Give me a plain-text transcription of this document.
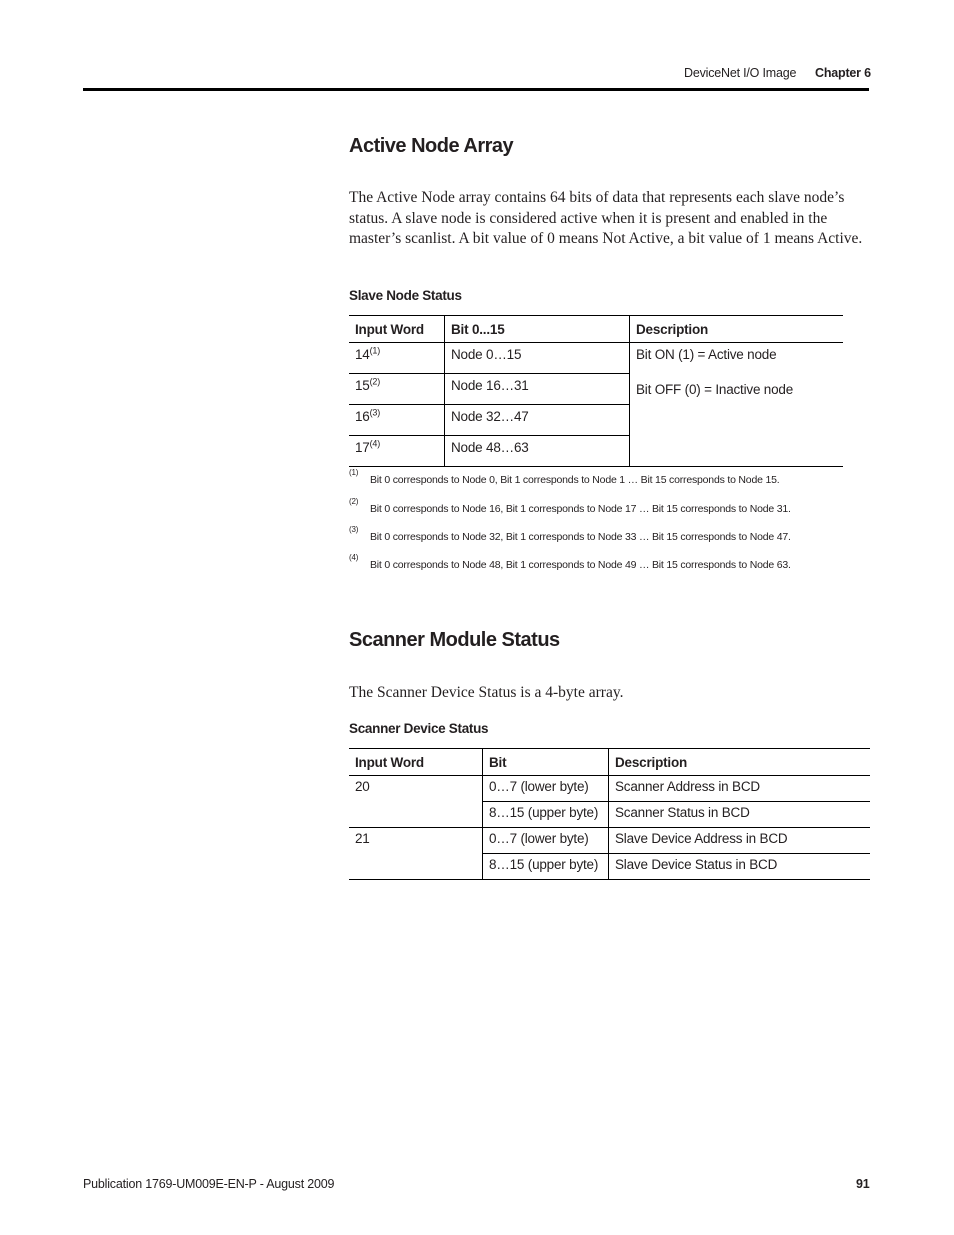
DeviceNet I/O Image Chapter 6
Active Node Array

The Active Node array contains 64 bits of data that represents each slave node’s status. A slave node is considered active when it is present and enabled in the master’s scanlist. A bit value of 0 means Not Active, a bit value of 1 means Active.

Slave Node Status

Input Word	Bit 0...15	Description
14$^{(1)}$	Node 0…15	Bit ON (1) = Active node
Bit OFF (0) = Inactive node

15$^{(2)}$	Node 16…31	
16$^{(3)}$	Node 32…47	
17$^{(4)}$	Node 48…63	
(1)
Bit 0 corresponds to Node 0, Bit 1 corresponds to Node 1 … Bit 15 corresponds to Node 15.
(2)
Bit 0 corresponds to Node 16, Bit 1 corresponds to Node 17 … Bit 15 corresponds to Node 31.
(3)
Bit 0 corresponds to Node 32, Bit 1 corresponds to Node 33 … Bit 15 corresponds to Node 47.
(4)
Bit 0 corresponds to Node 48, Bit 1 corresponds to Node 49 … Bit 15 corresponds to Node 63.
Scanner Module Status

The Scanner Device Status is a 4-byte array.

Scanner Device Status

Input Word	Bit	Description
20	0…7 (lower byte)	Scanner Address in BCD
	8…15 (upper byte)	Scanner Status in BCD
21	0…7 (lower byte)	Slave Device Address in BCD
	8…15 (upper byte)	Slave Device Status in BCD
Publication 1769-UM009E-EN-P - August 2009	91
